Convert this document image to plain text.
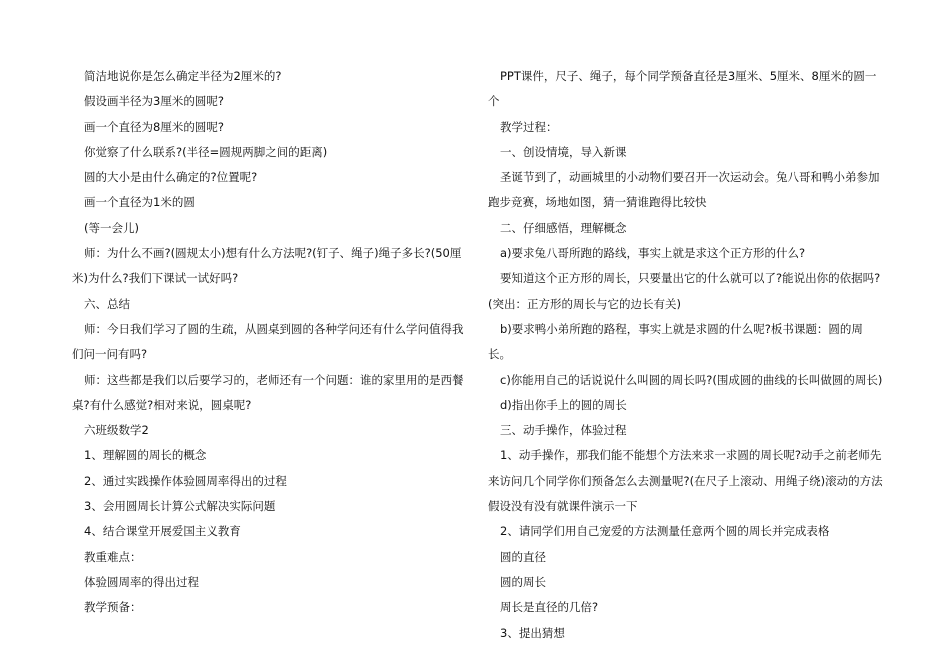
简洁地说你是怎么确定半径为2厘米的?

假设画半径为3厘米的圆呢?

画一个直径为8厘米的圆呢?

你觉察了什么联系?(半径=圆规两脚之间的距离)

圆的大小是由什么确定的?位置呢?

画一个直径为1米的圆

(等一会儿)

师：为什么不画?(圆规太小)想有什么方法呢?(钉子、绳子)绳子多长?(50厘米)为什么?我们下课试一试好吗?

六、总结

师：今日我们学习了圆的生疏，从圆桌到圆的各种学问还有什么学问值得我们问一问有吗?

师：这些都是我们以后要学习的，老师还有一个问题：谁的家里用的是西餐桌?有什么感觉?相对来说，圆桌呢?

六班级数学2

1、理解圆的周长的概念

2、通过实践操作体验圆周率得出的过程

3、会用圆周长计算公式解决实际问题

4、结合课堂开展爱国主义教育

教重难点：

体验圆周率的得出过程

教学预备：

PPT课件，尺子、绳子，每个同学预备直径是3厘米、5厘米、8厘米的圆一个

教学过程：

一、创设情境，导入新课

圣诞节到了，动画城里的小动物们要召开一次运动会。兔八哥和鸭小弟参加跑步竞赛，场地如图，猜一猜谁跑得比较快

二、仔细感悟，理解概念

a)要求兔八哥所跑的路线，事实上就是求这个正方形的什么?

要知道这个正方形的周长，只要量出它的什么就可以了?能说出你的依据吗?(突出：正方形的周长与它的边长有关)

b)要求鸭小弟所跑的路程，事实上就是求圆的什么呢?板书课题：圆的周长。

c)你能用自己的话说说什么叫圆的周长吗?(围成圆的曲线的长叫做圆的周长)

d)指出你手上的圆的周长

三、动手操作，体验过程

1、动手操作，那我们能不能想个方法来求一求圆的周长呢?动手之前老师先来访问几个同学你们预备怎么去测量呢?(在尺子上滚动、用绳子绕)滚动的方法假设没有没有就课件演示一下

2、请同学们用自己宠爱的方法测量任意两个圆的周长并完成表格

圆的直径

圆的周长

周长是直径的几倍?

3、提出猜想
